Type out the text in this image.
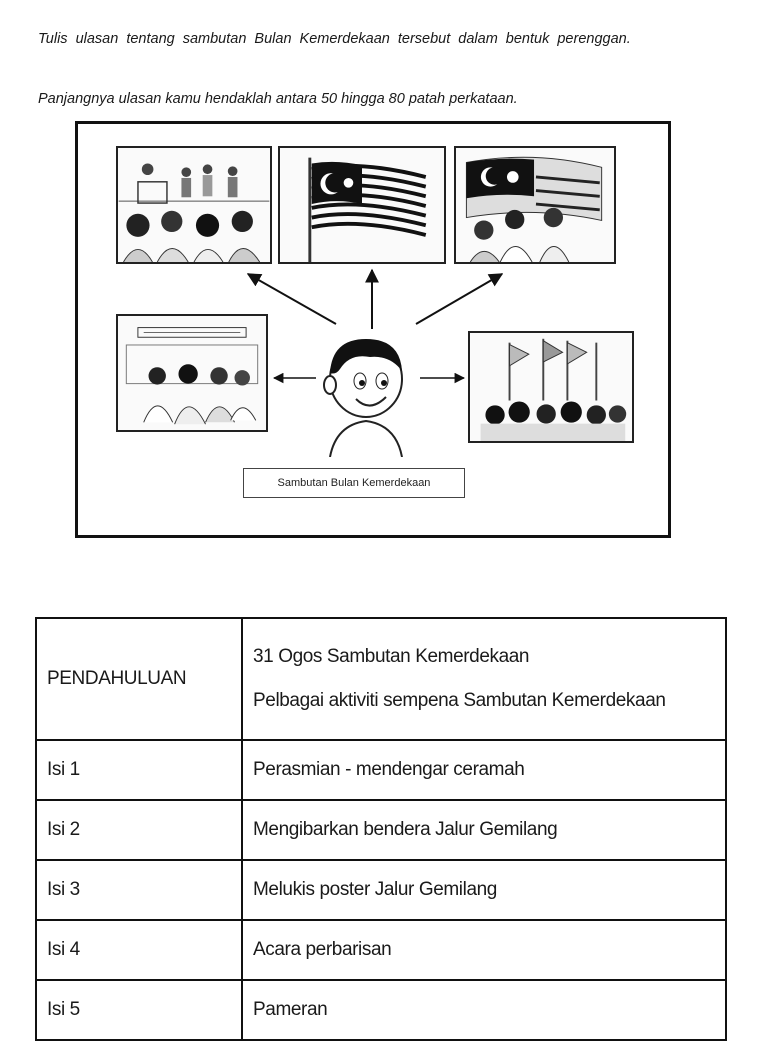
Tulis ulasan tentang sambutan Bulan Kemerdekaan tersebut dalam bentuk perenggan.
Panjangnya ulasan kamu hendaklah antara 50 hingga 80 patah perkataan.
Sambutan Bulan Kemerdekaan
PENDAHULUAN	31 Ogos Sambutan Kemerdekaan
Pelbagai aktiviti sempena Sambutan Kemerdekaan

Isi 1	Perasmian - mendengar ceramah
Isi 2	Mengibarkan bendera Jalur Gemilang
Isi 3	Melukis poster Jalur Gemilang
Isi 4	Acara perbarisan
Isi 5	Pameran
